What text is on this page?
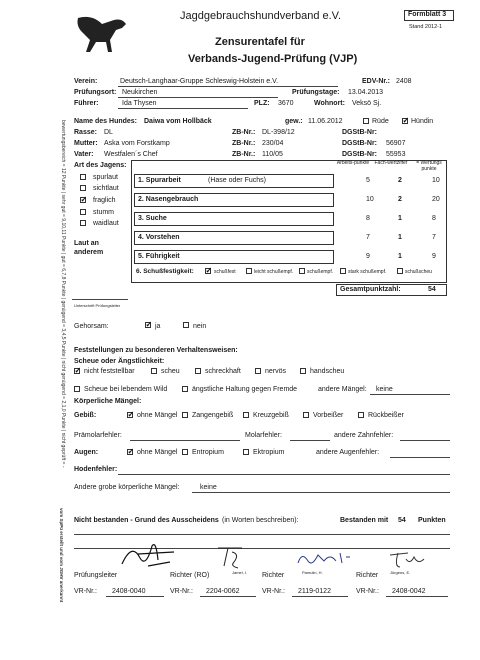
Jagdgebrauchshundverband e.V.	Formblatt 3
Stand 2012-1
Zensurentafel für
Verbands-Jugend-Prüfung (VJP)
Verein:	Deutsch-Langhaar-Gruppe Schleswig-Holstein e.V.	EDV-Nr.: 2408
Prüfungsort: Neukirchen	Prüfungstage: 13.04.2013
Führer:	Ida Thysen	PLZ: 3670	Wohnort: Veksö Sj.
Name des Hundes: Daiwa vom Hollbäck	gew.: 11.06.2012	Rüde ✓	Hündin
Rasse: DL	ZB-Nr.: DL-398/12	DGStB-Nr:
Mutter: Aska vom Forstkamp	ZB-Nr.: 230/04	DGStB-Nr: 56907
Vater: Westfalen´s Chef	ZB-Nr.: 110/05	DGStB-Nr: 55953
Art des Jagens:
spurlaut
sichtlaut
✓
fraglich
stumm
waidlaut
Laut an
anderem
Arbeits-punkte Fach-wertziffer	= Wertungs punkte
1. Spurarbeit	(Hase oder Fuchs)	5	2	10
2. Nasengebrauch	10	2	20
3. Suche	8	1	8
4. Vorstehen	7	1	7
5. Führigkeit	9	1	9
6. Schußfestigkeit: ✓	schußfest	leicht schußempf.	schußempf.	stark schußempf.	schußscheu
Gesamtpunktzahl:	54
Unterschrift Prüfungsleiter
Gehorsam: ✓	ja	nein
Feststellungen zu besonderen Verhaltensweisen:
Scheue oder Ängstlichkeit:
✓
nicht feststellbar	scheu	schreckhaft	nervös	handscheu
Scheue bei lebendem Wild	ängstliche Haltung gegen Fremde	andere Mängel: keine
Körperliche Mängel:
Gebiß: ✓	ohne Mängel Zangengebiß	Kreuzgebiß	Vorbeißer	Rückbeißer
Prämolarfehler:	Molarfehler:	andere Zahnfehler:
Augen: ✓	ohne Mängel Entropium	Ektropium	andere Augenfehler:
Hodenfehler:
Andere grobe körperliche Mängel:	keine
Nicht bestanden - Grund des Ausscheidens (in Worten beschreiben):	Bestanden mit 54 Punkten
Prüfungsleiter	Richter (RO)	Jamel, I. Richter	Pamulin, H.	Richter	Jürgens, E.
VR-Nr.: 2408-0040	VR-Nr.: 2204-0062	VR-Nr.: 2119-0122	VR-Nr.: 2408-0042
bewertungsbereich = 12 Punkte | sehr gut = 9,10,11 Punkte | gut = 6,7,8 Punkte | genügend = 3,4,5 Punkte | nicht genügend = 2,1,0 Punkte | nicht geprüft = -
vom SpPü erstellt und vom JGHV anerkannt
